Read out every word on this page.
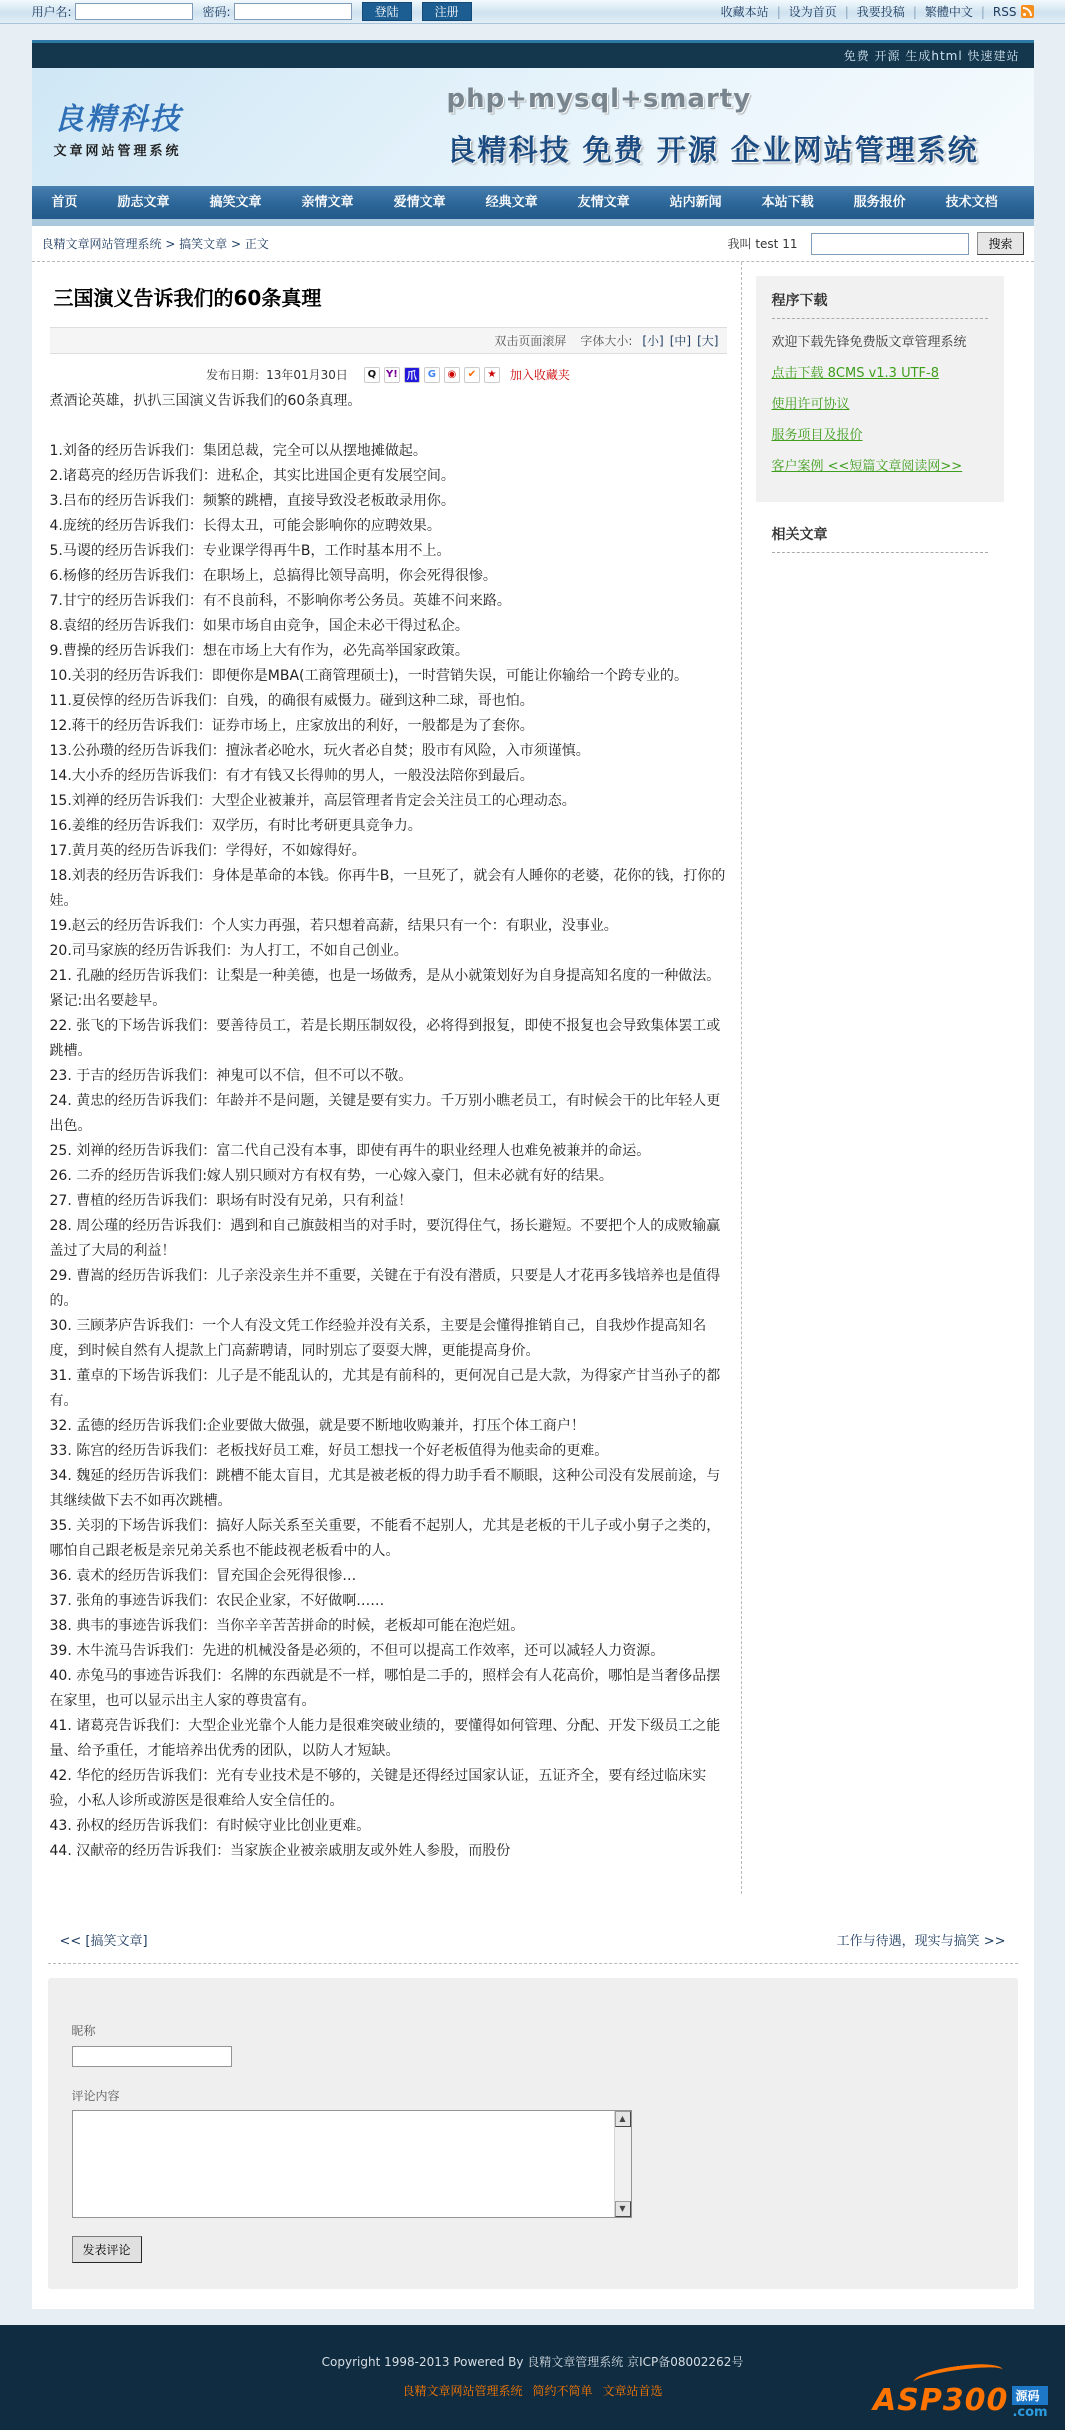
用户名:	密码:	登陆	注册	收藏本站 |	设为首页 |	我要投稿 |	繁體中文 |	RSS
免费 开源 生成html 快速建站
良精科技
文章网站管理系统
php+mysql+smarty
良精科技 免费 开源 企业网站管理系统
首页	励志文章	搞笑文章	亲情文章	爱情文章	经典文章	友情文章	站内新闻	本站下载	服务报价	技术文档
良精文章网站管理系统 > 搞笑文章 > 正文	我叫 test 11	搜索
三国演义告诉我们的60条真理
双击页面滚屏 字体大小: [小] [中] [大]
发布日期： 13年01月30日	Q Y! 爪	G	◉	✔	★ 加入收藏夹

煮酒论英雄，扒扒三国演义告诉我们的60条真理。

1.刘备的经历告诉我们：集团总裁，完全可以从摆地摊做起。

2.诸葛亮的经历告诉我们：进私企，其实比进国企更有发展空间。

3.吕布的经历告诉我们：频繁的跳槽，直接导致没老板敢录用你。

4.庞统的经历告诉我们：长得太丑，可能会影响你的应聘效果。

5.马谡的经历告诉我们：专业课学得再牛B，工作时基本用不上。

6.杨修的经历告诉我们：在职场上，总搞得比领导高明，你会死得很惨。

7.甘宁的经历告诉我们：有不良前科，不影响你考公务员。英雄不问来路。

8.袁绍的经历告诉我们：如果市场自由竞争，国企未必干得过私企。

9.曹操的经历告诉我们：想在市场上大有作为，必先高举国家政策。

10.关羽的经历告诉我们：即便你是MBA(工商管理硕士)，一时营销失误，可能让你输给一个跨专业的。

11.夏侯惇的经历告诉我们：自残，的确很有威慑力。碰到这种二球，哥也怕。

12.蒋干的经历告诉我们：证券市场上，庄家放出的利好，一般都是为了套你。

13.公孙瓒的经历告诉我们：擅泳者必呛水，玩火者必自焚；股市有风险，入市须谨慎。

14.大小乔的经历告诉我们：有才有钱又长得帅的男人，一般没法陪你到最后。

15.刘禅的经历告诉我们：大型企业被兼并，高层管理者肯定会关注员工的心理动态。

16.姜维的经历告诉我们：双学历，有时比考研更具竞争力。

17.黄月英的经历告诉我们：学得好，不如嫁得好。

18.刘表的经历告诉我们：身体是革命的本钱。你再牛B，一旦死了，就会有人睡你的老婆，花你的钱，打你的娃。

19.赵云的经历告诉我们：个人实力再强，若只想着高薪，结果只有一个：有职业，没事业。

20.司马家族的经历告诉我们：为人打工，不如自己创业。

21. 孔融的经历告诉我们：让梨是一种美德，也是一场做秀，是从小就策划好为自身提高知名度的一种做法。紧记:出名要趁早。

22. 张飞的下场告诉我们：要善待员工，若是长期压制奴役，必将得到报复，即使不报复也会导致集体罢工或跳槽。

23. 于吉的经历告诉我们：神鬼可以不信，但不可以不敬。

24. 黄忠的经历告诉我们：年龄并不是问题，关键是要有实力。千万别小瞧老员工，有时候会干的比年轻人更出色。

25. 刘禅的经历告诉我们：富二代自己没有本事，即使有再牛的职业经理人也难免被兼并的命运。

26. 二乔的经历告诉我们:嫁人别只顾对方有权有势，一心嫁入豪门，但未必就有好的结果。

27. 曹植的经历告诉我们：职场有时没有兄弟，只有利益！

28. 周公瑾的经历告诉我们：遇到和自己旗鼓相当的对手时，要沉得住气，扬长避短。不要把个人的成败输赢盖过了大局的利益！

29. 曹嵩的经历告诉我们：儿子亲没亲生并不重要，关键在于有没有潜质，只要是人才花再多钱培养也是值得的。

30. 三顾茅庐告诉我们：一个人有没文凭工作经验并没有关系，主要是会懂得推销自己，自我炒作提高知名度，到时候自然有人提款上门高薪聘请，同时别忘了耍耍大牌，更能提高身价。

31. 董卓的下场告诉我们：儿子是不能乱认的，尤其是有前科的，更何况自己是大款，为得家产甘当孙子的都有。

32. 孟德的经历告诉我们:企业要做大做强，就是要不断地收购兼并，打压个体工商户！

33. 陈宫的经历告诉我们：老板找好员工难，好员工想找一个好老板值得为他卖命的更难。

34. 魏延的经历告诉我们：跳槽不能太盲目，尤其是被老板的得力助手看不顺眼，这种公司没有发展前途，与其继续做下去不如再次跳槽。

35. 关羽的下场告诉我们：搞好人际关系至关重要，不能看不起别人，尤其是老板的干儿子或小舅子之类的，哪怕自己跟老板是亲兄弟关系也不能歧视老板看中的人。

36. 袁术的经历告诉我们：冒充国企会死得很惨…

37. 张角的事迹告诉我们：农民企业家，不好做啊……

38. 典韦的事迹告诉我们：当你辛辛苦苦拼命的时候，老板却可能在泡烂妞。

39. 木牛流马告诉我们：先进的机械没备是必须的，不但可以提高工作效率，还可以减轻人力资源。

40. 赤兔马的事迹告诉我们：名牌的东西就是不一样，哪怕是二手的，照样会有人花高价，哪怕是当奢侈品摆在家里，也可以显示出主人家的尊贵富有。

41. 诸葛亮告诉我们：大型企业光靠个人能力是很难突破业绩的，要懂得如何管理、分配、开发下级员工之能量、给予重任，才能培养出优秀的团队，以防人才短缺。

42. 华佗的经历告诉我们：光有专业技术是不够的，关键是还得经过国家认证，五证齐全，要有经过临床实验，小私人诊所或游医是很难给人安全信任的。

43. 孙权的经历告诉我们：有时候守业比创业更难。

44. 汉献帝的经历告诉我们：当家族企业被亲戚朋友或外姓人参股，而股份

程序下载

欢迎下载先锋免费版文章管理系统

点击下载 8CMS v1.3 UTF-8
使用许可协议
服务项目及报价
客户案例 <<短篇文章阅读网>>
相关文章
<< [搞笑文章]	工作与待遇，现实与搞笑 >>
昵称
评论内容
▲
▼
发表评论

Copyright 1998-2013 Powered By 良精文章管理系统 京ICP备08002262号

良精文章网站管理系统 简约不简单 文章站首选	ASP300 源码
.com
